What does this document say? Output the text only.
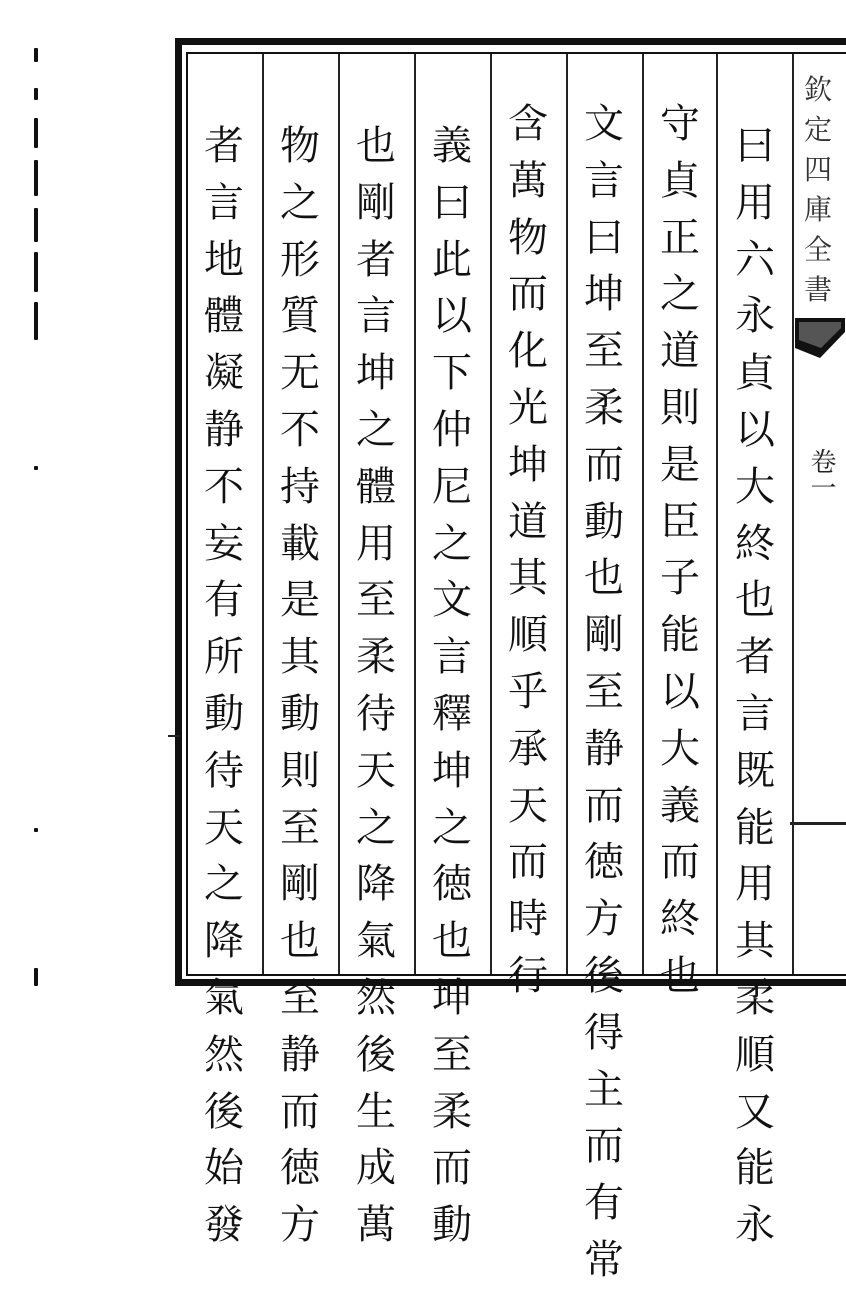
曰
用
六
永
貞
以
大
終
也
者
言
既
能
用
其
柔
順
又
能
永
守
貞
正
之
道
則
是
臣
子
能
以
大
義
而
終
也
文
言
曰
坤
至
柔
而
動
也
剛
至
静
而
徳
方
後
得
主
而
有
常
含
萬
物
而
化
光
坤
道
其
順
乎
承
天
而
時
行
義
曰
此
以
下
仲
尼
之
文
言
釋
坤
之
徳
也
坤
至
柔
而
動
也
剛
者
言
坤
之
體
用
至
柔
待
天
之
降
氣
然
後
生
成
萬
物
之
形
質
无
不
持
載
是
其
動
則
至
剛
也
至
静
而
徳
方
者
言
地
體
凝
静
不
妄
有
所
動
待
天
之
降
氣
然
後
始
發
欽
定
四
庫
全
書
卷一
